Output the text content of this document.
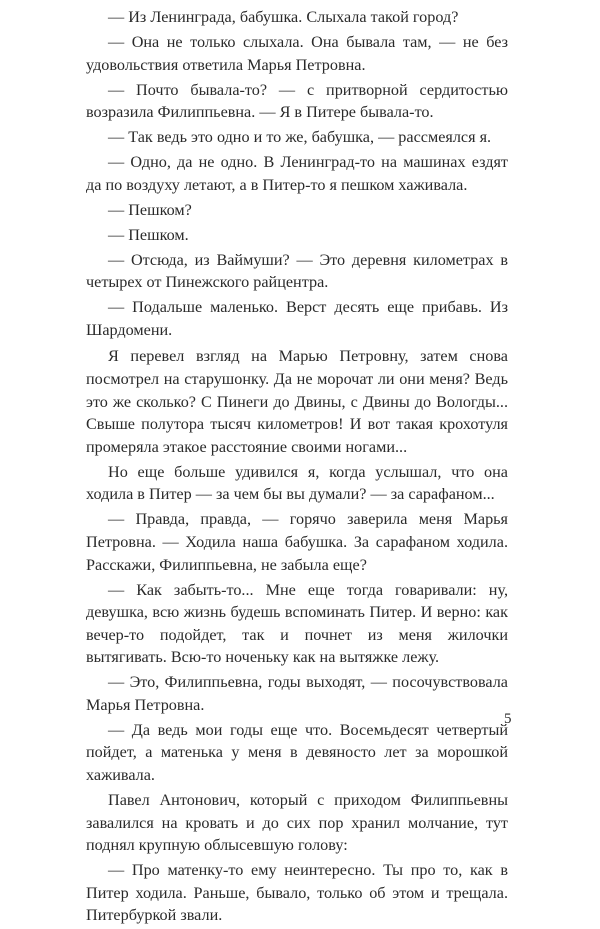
— Из Ленинграда, бабушка. Слыхала такой город?

— Она не только слыхала. Она бывала там, — не без удовольствия ответила Марья Петровна.

— Почто бывала-то? — с притворной сердитостью возразила Филиппьевна. — Я в Питере бывала-то.

— Так ведь это одно и то же, бабушка, — рассмеялся я.

— Одно, да не одно. В Ленинград-то на машинах ездят да по воздуху летают, а в Питер-то я пешком хаживала.

— Пешком?

— Пешком.

— Отсюда, из Ваймуши? — Это деревня километрах в четырех от Пинежского райцентра.

— Подальше маленько. Верст десять еще прибавь. Из Шардомени.

Я перевел взгляд на Марью Петровну, затем снова посмотрел на старушонку. Да не морочат ли они меня? Ведь это же сколько? С Пинеги до Двины, с Двины до Вологды... Свыше полутора тысяч километров! И вот такая крохотуля промеряла этакое расстояние своими ногами...

Но еще больше удивился я, когда услышал, что она ходила в Питер — за чем бы вы думали? — за сарафаном...

— Правда, правда, — горячо заверила меня Марья Петровна. — Ходила наша бабушка. За сарафаном ходила. Расскажи, Филиппьевна, не забыла еще?

— Как забыть-то... Мне еще тогда говаривали: ну, девушка, всю жизнь будешь вспоминать Питер. И верно: как вечер-то подойдет, так и почнет из меня жилочки вытягивать. Всю-то ноченьку как на вытяжке лежу.

— Это, Филиппьевна, годы выходят, — посочувствовала Марья Петровна.

— Да ведь мои годы еще что. Восемьдесят четвертый пойдет, а матенька у меня в девяносто лет за морошкой хаживала.

Павел Антонович, который с приходом Филиппьевны завалился на кровать и до сих пор хранил молчание, тут поднял крупную облысевшую голову:

— Про матенку-то ему неинтересно. Ты про то, как в Питер ходила. Раньше, бывало, только об этом и трещала. Питербуркой звали.

5
